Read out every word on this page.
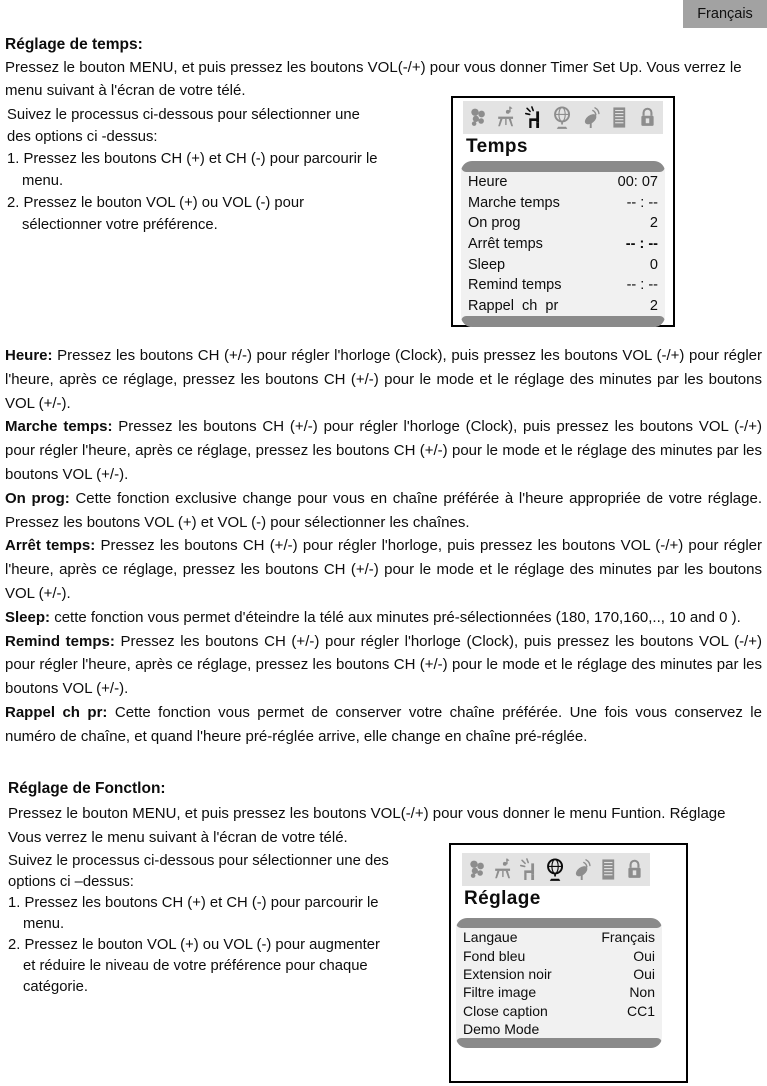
Français
Réglage de temps:

Pressez le bouton MENU, et puis pressez les boutons VOL(-/+) pour vous donner Timer Set Up. Vous verrez le menu suivant à l'écran de votre télé.

Suivez le processus ci-dessous pour sélectionner une des options ci -dessus:
1. Pressez les boutons CH (+) et CH (-) pour parcourir le menu.
2. Pressez le bouton VOL (+) ou VOL (-) pour sélectionner votre préférence.
Temps
Heure	00: 07
Marche temps	-- : --
On prog	2
Arrêt temps	-- : --
Sleep	0
Remind temps	-- : --
Rappel  ch  pr	2

Heure: Pressez les boutons CH (+/-) pour régler l'horloge (Clock), puis pressez les boutons VOL (-/+) pour régler l'heure, après ce réglage, pressez les boutons CH (+/-) pour le mode et le réglage des minutes par les boutons VOL (+/-).

Marche temps: Pressez les boutons CH (+/-) pour régler l'horloge (Clock), puis pressez les boutons VOL (-/+) pour régler l'heure, après ce réglage, pressez les boutons CH (+/-) pour le mode et le réglage des minutes par les boutons VOL (+/-).

On prog: Cette fonction exclusive change pour vous en chaîne préférée à l'heure appropriée de votre réglage. Pressez les boutons VOL (+) et VOL (-) pour sélectionner les chaînes.

Arrêt temps: Pressez les boutons CH (+/-) pour régler l'horloge, puis pressez les boutons VOL (-/+) pour régler l'heure, après ce réglage, pressez les boutons CH (+/-) pour le mode et le réglage des minutes par les boutons VOL (+/-).

Sleep: cette fonction vous permet d'éteindre la télé aux minutes pré-sélectionnées (180, 170,160,.., 10 and 0 ).

Remind temps: Pressez les boutons CH (+/-) pour régler l'horloge (Clock), puis pressez les boutons VOL (-/+) pour régler l'heure, après ce réglage, pressez les boutons CH (+/-) pour le mode et le réglage des minutes par les boutons VOL (+/-).

Rappel ch pr: Cette fonction vous permet de conserver votre chaîne préférée. Une fois vous conservez le numéro de chaîne, et quand l'heure pré-réglée arrive, elle change en chaîne pré-réglée.

Réglage de Fonctlon:
Pressez le bouton MENU, et puis pressez les boutons VOL(-/+) pour vous donner le menu Funtion. Réglage
Vous verrez le menu suivant à l'écran de votre télé.
Suivez le processus ci-dessous pour sélectionner une des options ci –dessus:
1. Pressez les boutons CH (+) et CH (-) pour parcourir le menu.
2. Pressez le bouton VOL (+) ou VOL (-) pour augmenter et réduire le niveau de votre préférence pour chaque catégorie.
Réglage
Langaue	Français
Fond bleu	Oui
Extension noir	Oui
Filtre image	Non
Close caption	CC1
Demo Mode
